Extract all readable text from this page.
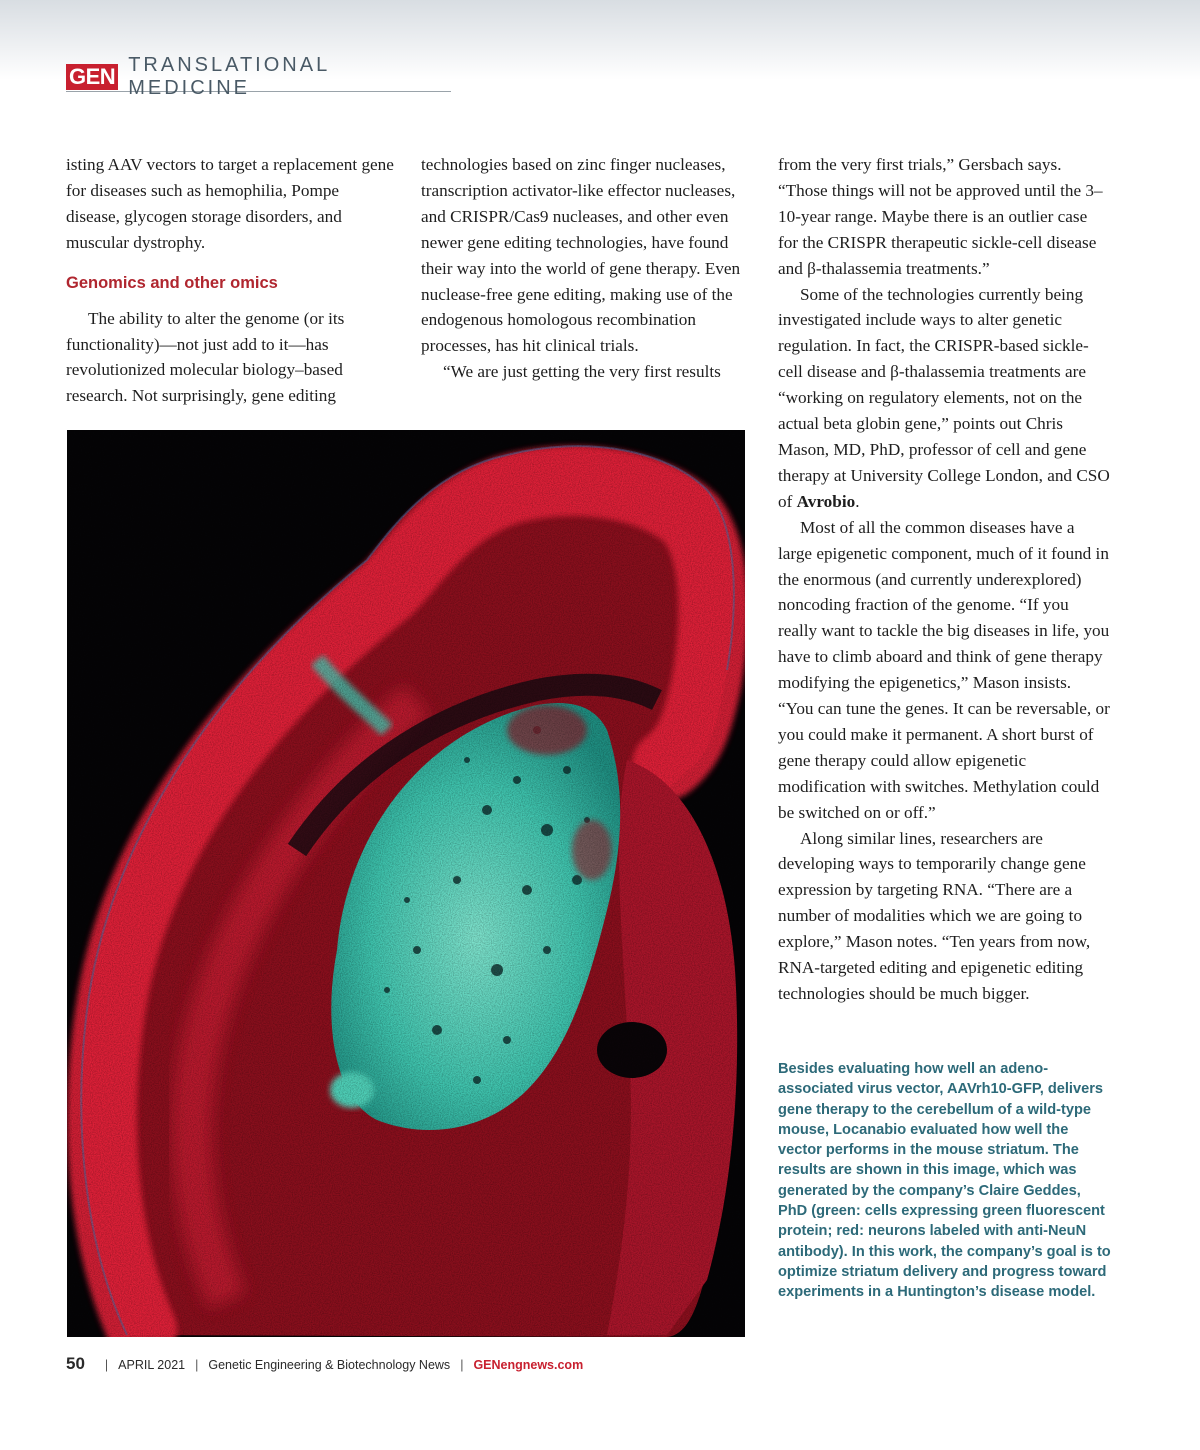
GEN TRANSLATIONAL MEDICINE

isting AAV vectors to target a replacement gene for diseases such as hemophilia, Pompe disease, glycogen storage disorders, and muscular dystrophy.

Genomics and other omics

The ability to alter the genome (or its functionality)—not just add to it—has revolutionized molecular biology–based research. Not surprisingly, gene editing

technologies based on zinc finger nucleases, transcription activator-like effector nucleases, and CRISPR/Cas9 nucleases, and other even newer gene editing technologies, have found their way into the world of gene therapy. Even nuclease-free gene editing, making use of the endogenous homologous recombination processes, has hit clinical trials.

“We are just getting the very first results

from the very first trials,” Gersbach says. “Those things will not be approved until the 3–10-year range. Maybe there is an outlier case for the CRISPR therapeutic sickle-cell disease and β-thalassemia treatments.”

Some of the technologies currently being investigated include ways to alter genetic regulation. In fact, the CRISPR-based sickle-cell disease and β-thalassemia treatments are “working on regulatory elements, not on the actual beta globin gene,” points out Chris Mason, MD, PhD, professor of cell and gene therapy at University College London, and CSO of Avrobio.

Most of all the common diseases have a large epigenetic component, much of it found in the enormous (and currently underexplored) noncoding fraction of the genome. “If you really want to tackle the big diseases in life, you have to climb aboard and think of gene therapy modifying the epigenetics,” Mason insists. “You can tune the genes. It can be reversable, or you could make it permanent. A short burst of gene therapy could allow epigenetic modification with switches. Methylation could be switched on or off.”

Along similar lines, researchers are developing ways to temporarily change gene expression by targeting RNA. “There are a number of modalities which we are going to explore,” Mason notes. “Ten years from now, RNA-targeted editing and epigenetic editing technologies should be much bigger.

Besides evaluating how well an adeno-associated virus vector, AAVrh10-GFP, delivers gene therapy to the cerebellum of a wild-type mouse, Locanabio evaluated how well the vector performs in the mouse striatum. The results are shown in this image, which was generated by the company’s Claire Geddes, PhD (green: cells expressing green fluorescent protein; red: neurons labeled with anti-NeuN antibody). In this work, the company’s goal is to optimize striatum delivery and progress toward experiments in a Huntington’s disease model.
50 | APRIL 2021 | Genetic Engineering & Biotechnology News | GENengnews.com
